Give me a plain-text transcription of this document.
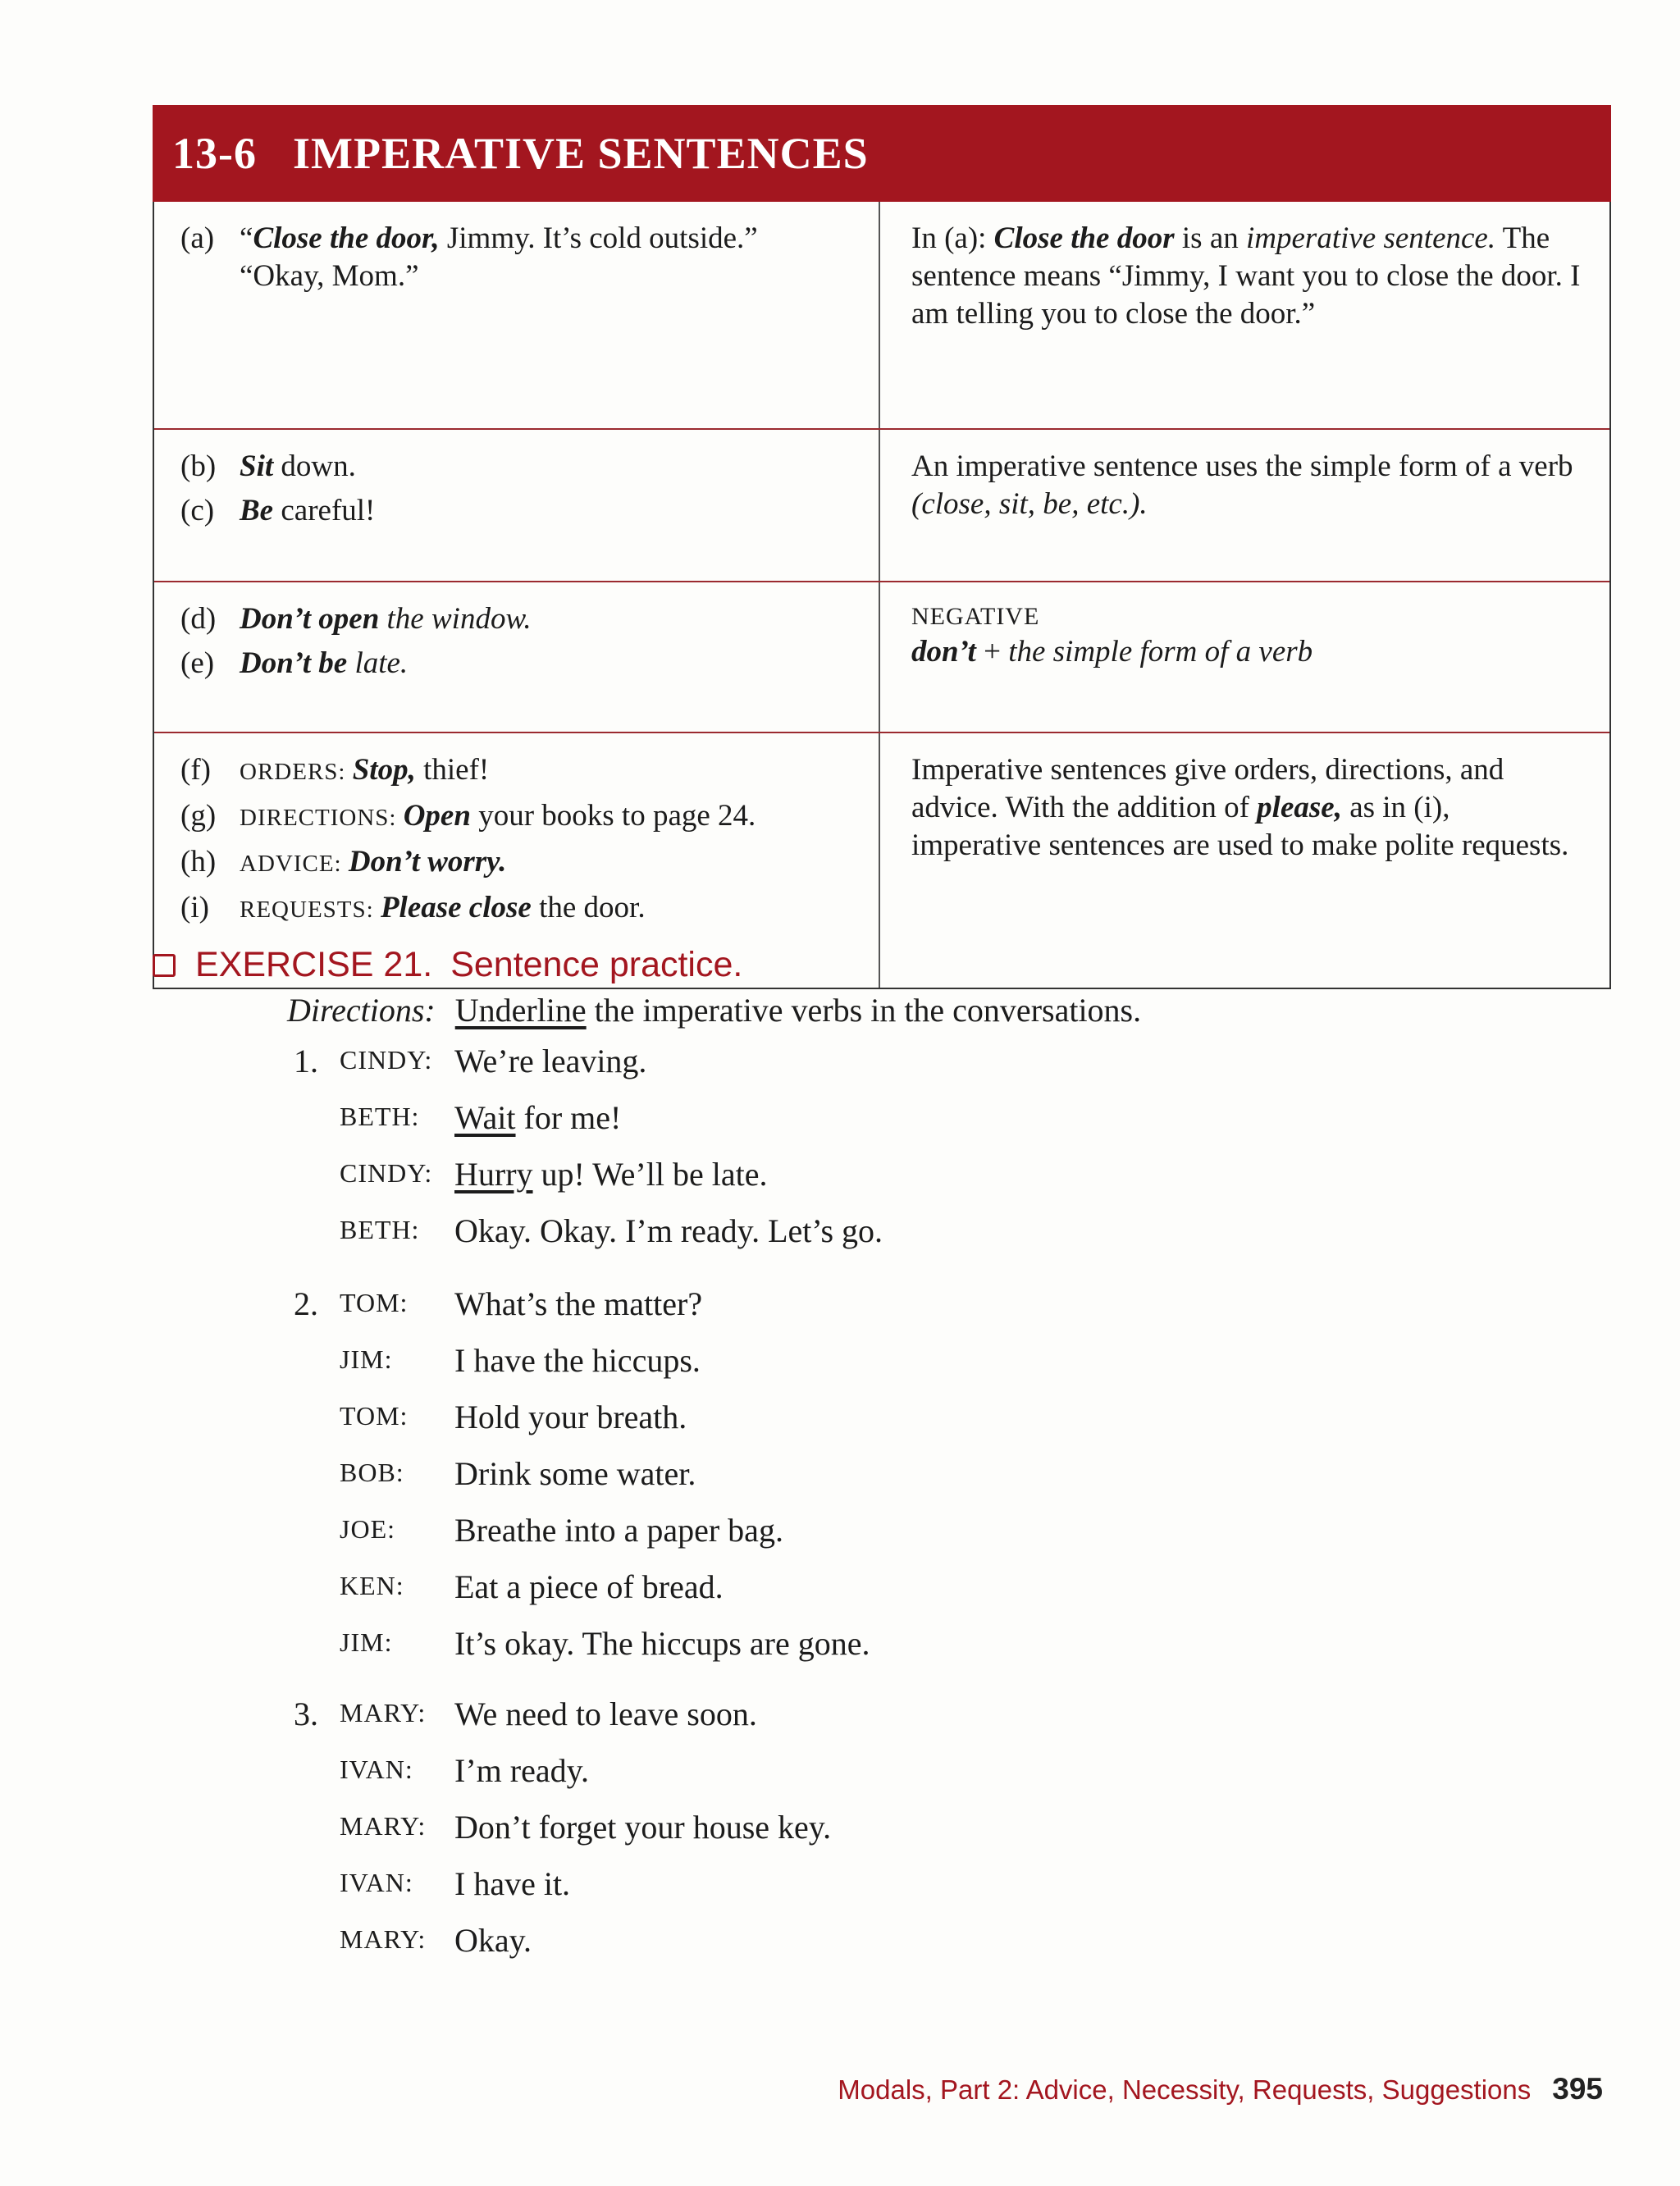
13-6 IMPERATIVE SENTENCES
(a) “Close the door, Jimmy. It’s cold outside.”
“Okay, Mom.”
In (a): Close the door is an imperative sentence. The sentence means “Jimmy, I want you to close the door. I am telling you to close the door.”
(b) Sit down.
(c) Be careful!
An imperative sentence uses the simple form of a verb (close, sit, be, etc.).
(d) Don’t open the window.
(e) Don’t be late.
NEGATIVE
don’t + the simple form of a verb
(f)	ORDERS: Stop, thief!
(g) DIRECTIONS: Open your books to page 24.
(h) ADVICE: Don’t worry.
(i)	REQUESTS: Please close the door.
Imperative sentences give orders, directions, and advice. With the addition of please, as in (i), imperative sentences are used to make polite requests.
EXERCISE 21. Sentence practice.
Directions: Underline the imperative verbs in the conversations.
1. CINDY: We’re leaving.
BETH: Wait for me!
CINDY: Hurry up! We’ll be late.
BETH: Okay. Okay. I’m ready. Let’s go.
2. TOM: What’s the matter?
JIM: I have the hiccups.
TOM: Hold your breath.
BOB: Drink some water.
JOE: Breathe into a paper bag.
KEN: Eat a piece of bread.
JIM: It’s okay. The hiccups are gone.
3. MARY: We need to leave soon.
IVAN: I’m ready.
MARY: Don’t forget your house key.
IVAN: I have it.
MARY: Okay.
Modals, Part 2: Advice, Necessity, Requests, Suggestions 395
